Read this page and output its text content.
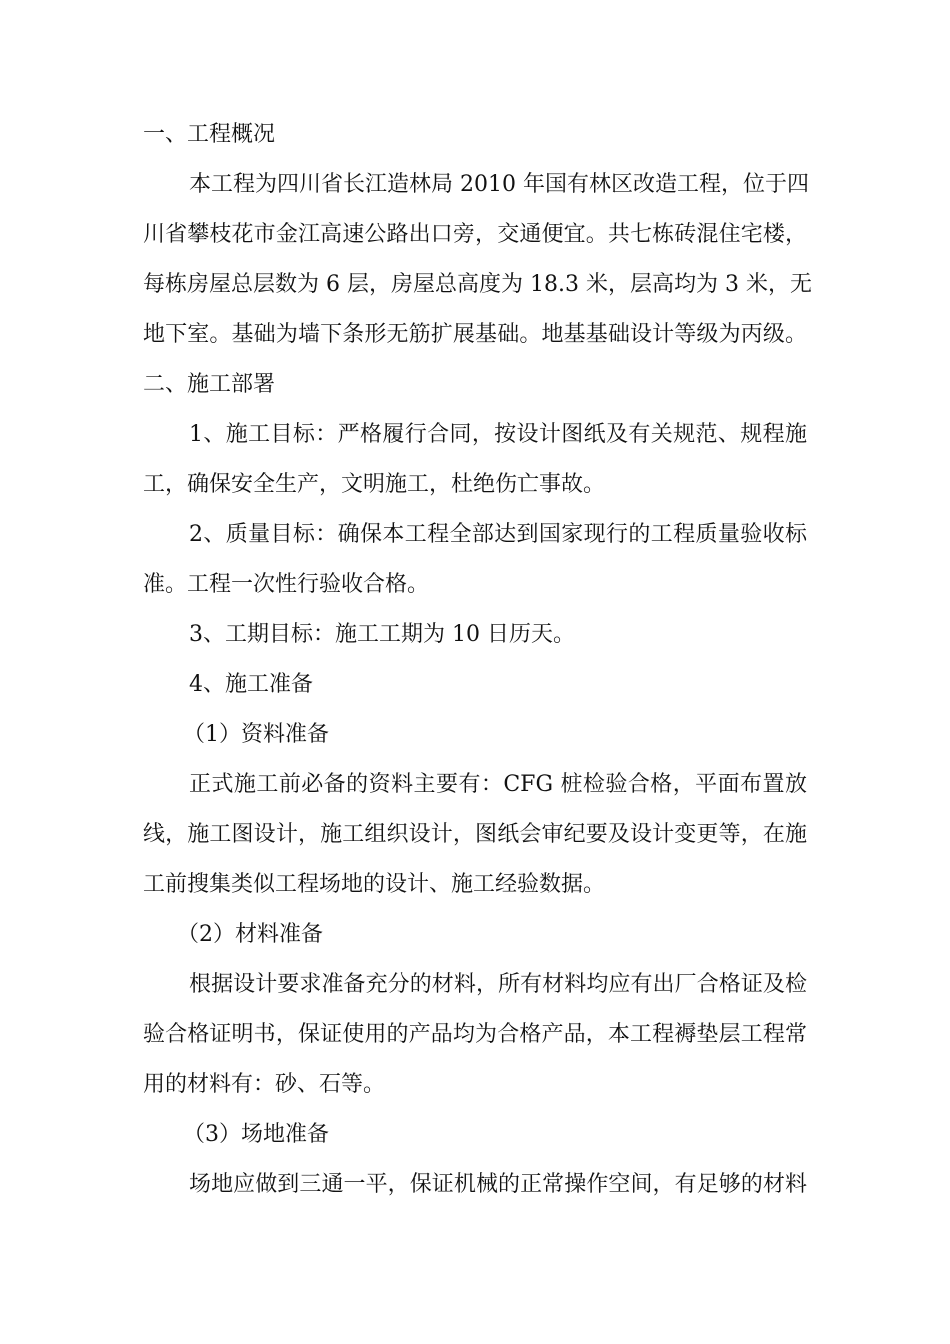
一、工程概况
本工程为四川省长江造林局 2010 年国有林区改造工程，位于四
川省攀枝花市金江高速公路出口旁，交通便宜。共七栋砖混住宅楼，
每栋房屋总层数为 6 层，房屋总高度为 18.3 米，层高均为 3 米，无
地下室。基础为墙下条形无筋扩展基础。地基基础设计等级为丙级。
二、施工部署
1、施工目标：严格履行合同，按设计图纸及有关规范、规程施
工，确保安全生产，文明施工，杜绝伤亡事故。
2、质量目标：确保本工程全部达到国家现行的工程质量验收标
准。工程一次性行验收合格。
3、工期目标：施工工期为 10 日历天。
4、施工准备
（1）资料准备
正式施工前必备的资料主要有：CFG 桩检验合格，平面布置放
线，施工图设计，施工组织设计，图纸会审纪要及设计变更等，在施
工前搜集类似工程场地的设计、施工经验数据。
（2）材料准备
根据设计要求准备充分的材料，所有材料均应有出厂合格证及检
验合格证明书，保证使用的产品均为合格产品，本工程褥垫层工程常
用的材料有：砂、石等。
（3）场地准备
场地应做到三通一平，保证机械的正常操作空间，有足够的材料
